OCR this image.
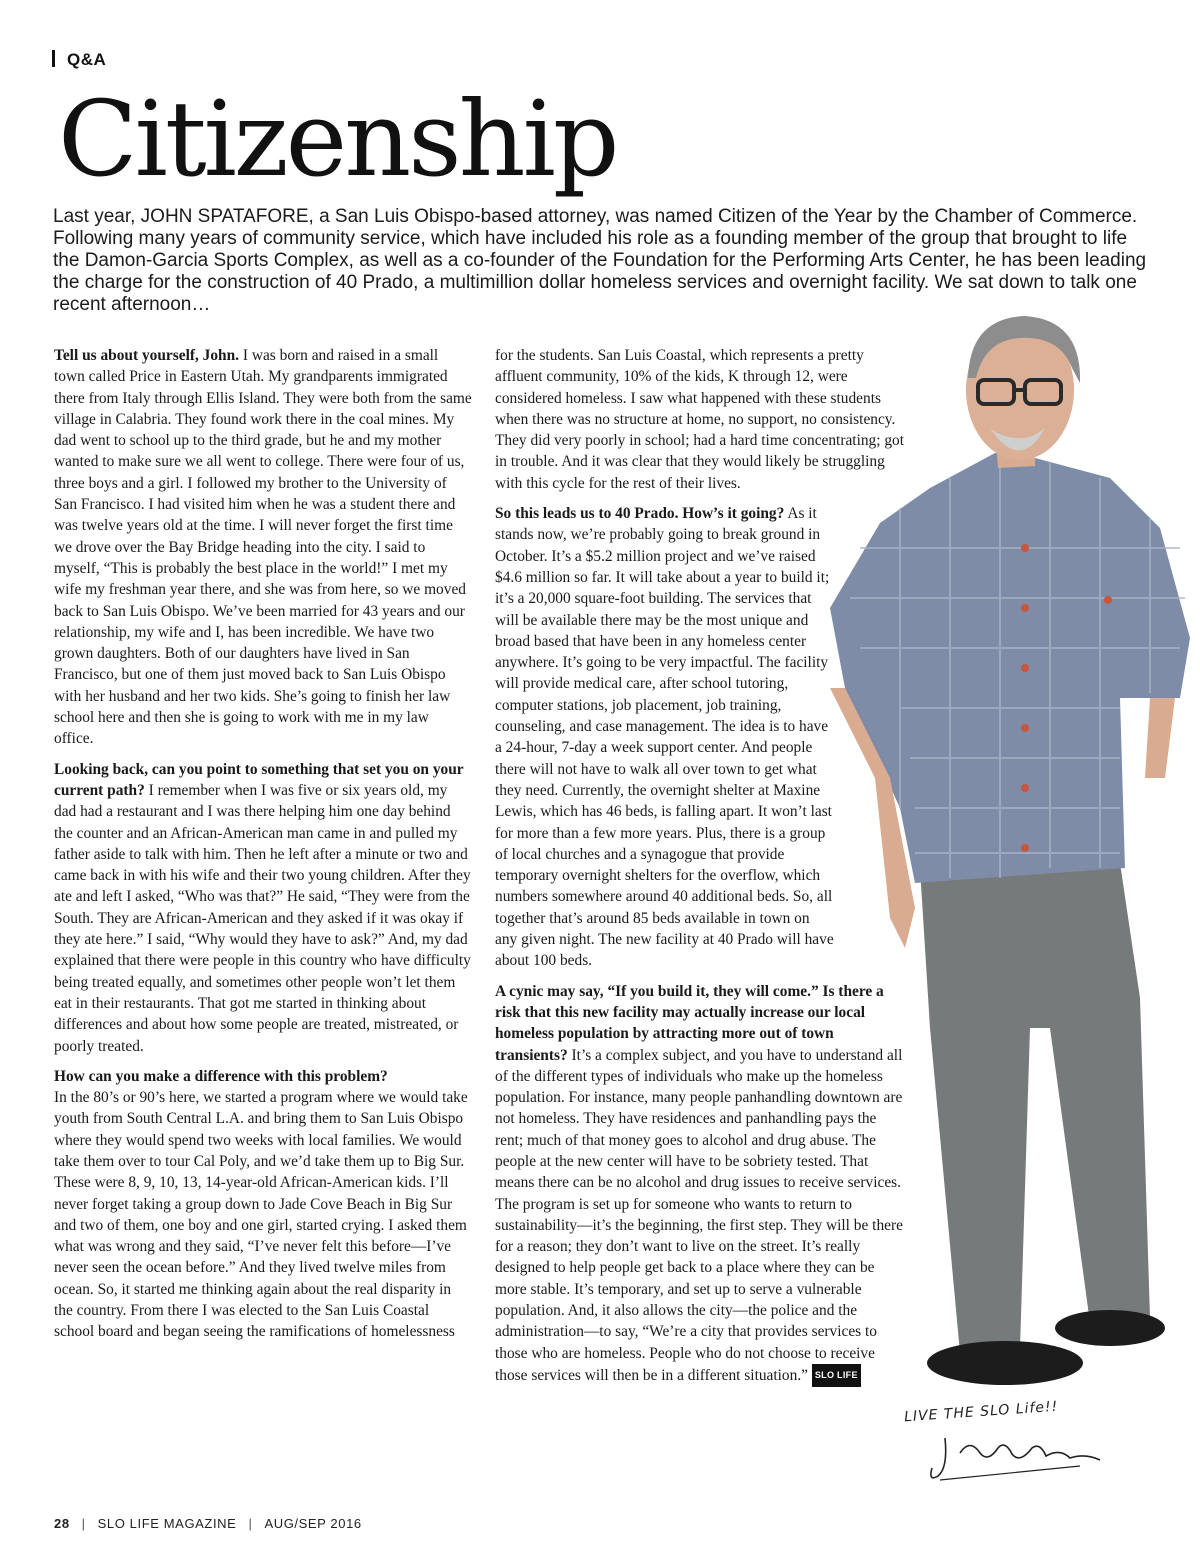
Q&A
Citizenship

Last year, JOHN SPATAFORE, a San Luis Obispo-based attorney, was named Citizen of the Year by the Chamber of Commerce. Following many years of community service, which have included his role as a founding member of the group that brought to life the Damon-Garcia Sports Complex, as well as a co-founder of the Foundation for the Performing Arts Center, he has been leading the charge for the construction of 40 Prado, a multimillion dollar homeless services and overnight facility. We sat down to talk one recent afternoon…

Tell us about yourself, John. I was born and raised in a small town called Price in Eastern Utah. My grandparents immigrated there from Italy through Ellis Island. They were both from the same village in Calabria. They found work there in the coal mines. My dad went to school up to the third grade, but he and my mother wanted to make sure we all went to college. There were four of us, three boys and a girl. I followed my brother to the University of San Francisco. I had visited him when he was a student there and was twelve years old at the time. I will never forget the first time we drove over the Bay Bridge heading into the city. I said to myself, “This is probably the best place in the world!” I met my wife my freshman year there, and she was from here, so we moved back to San Luis Obispo. We’ve been married for 43 years and our relationship, my wife and I, has been incredible. We have two grown daughters. Both of our daughters have lived in San Francisco, but one of them just moved back to San Luis Obispo with her husband and her two kids. She’s going to finish her law school here and then she is going to work with me in my law office.

Looking back, can you point to something that set you on your current path? I remember when I was five or six years old, my dad had a restaurant and I was there helping him one day behind the counter and an African-American man came in and pulled my father aside to talk with him. Then he left after a minute or two and came back in with his wife and their two young children. After they ate and left I asked, “Who was that?” He said, “They were from the South. They are African-American and they asked if it was okay if they ate here.” I said, “Why would they have to ask?” And, my dad explained that there were people in this country who have difficulty being treated equally, and sometimes other people won’t let them eat in their restaurants. That got me started in thinking about differences and about how some people are treated, mistreated, or poorly treated.

How can you make a difference with this problem?
In the 80’s or 90’s here, we started a program where we would take youth from South Central L.A. and bring them to San Luis Obispo where they would spend two weeks with local families. We would take them over to tour Cal Poly, and we’d take them up to Big Sur. These were 8, 9, 10, 13, 14-year-old African-American kids. I’ll never forget taking a group down to Jade Cove Beach in Big Sur and two of them, one boy and one girl, started crying. I asked them what was wrong and they said, “I’ve never felt this before—I’ve never seen the ocean before.” And they lived twelve miles from ocean. So, it started me thinking again about the real disparity in the country. From there I was elected to the San Luis Coastal school board and began seeing the ramifications of homelessness

for the students. San Luis Coastal, which represents a pretty affluent community, 10% of the kids, K through 12, were considered homeless. I saw what happened with these students when there was no structure at home, no support, no consistency. They did very poorly in school; had a hard time concentrating; got in trouble. And it was clear that they would likely be struggling with this cycle for the rest of their lives.

So this leads us to 40 Prado. How’s it going? As it stands now, we’re probably going to break ground in October. It’s a $5.2 million project and we’ve raised $4.6 million so far. It will take about a year to build it; it’s a 20,000 square-foot building. The services that will be available there may be the most unique and broad based that have been in any homeless center anywhere. It’s going to be very impactful. The facility will provide medical care, after school tutoring, computer stations, job placement, job training, counseling, and case management. The idea is to have a 24-hour, 7-day a week support center. And people there will not have to walk all over town to get what they need. Currently, the overnight shelter at Maxine Lewis, which has 46 beds, is falling apart. It won’t last for more than a few more years. Plus, there is a group of local churches and a synagogue that provide temporary overnight shelters for the overflow, which numbers somewhere around 40 additional beds. So, all together that’s around 85 beds available in town on any given night. The new facility at 40 Prado will have about 100 beds.

A cynic may say, “If you build it, they will come.” Is there a risk that this new facility may actually increase our local homeless population by attracting more out of town transients? It’s a complex subject, and you have to understand all of the different types of individuals who make up the homeless population. For instance, many people panhandling downtown are not homeless. They have residences and panhandling pays the rent; much of that money goes to alcohol and drug abuse. The people at the new center will have to be sobriety tested. That means there can be no alcohol and drug issues to receive services. The program is set up for someone who wants to return to sustainability—it’s the beginning, the first step. They will be there for a reason; they don’t want to live on the street. It’s really designed to help people get back to a place where they can be more stable. It’s temporary, and set up to serve a vulnerable population. And, it also allows the city—the police and the administration—to say, “We’re a city that provides services to those who are homeless. People who do not choose to receive those services will then be in a different situation.” SLO LIFE

LIVE THE SLO Life!!
28 | SLO LIFE MAGAZINE | AUG/SEP 2016
